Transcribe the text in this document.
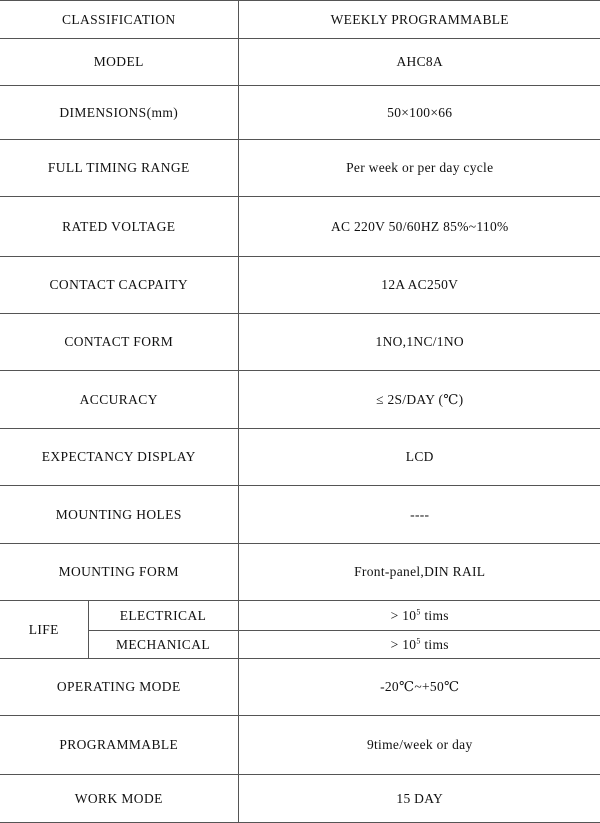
CLASSIFICATION		WEEKLY PROGRAMMABLE
MODEL		AHC8A
DIMENSIONS(mm)		50×100×66
FULL TIMING RANGE		Per week or per day cycle
RATED VOLTAGE		AC 220V 50/60HZ 85%~110%
CONTACT CACPAITY		12A AC250V
CONTACT FORM		1NO,1NC/1NO
ACCURACY		≤ 2S/DAY (℃)
EXPECTANCY DISPLAY		LCD
MOUNTING HOLES		----
MOUNTING FORM		Front-panel,DIN RAIL
LIFE	ELECTRICAL	> $10^5$ tims
	MECHANICAL	> $10^5$ tims
OPERATING MODE		-20℃~+50℃
PROGRAMMABLE		9time/week or day
WORK MODE		15 DAY
